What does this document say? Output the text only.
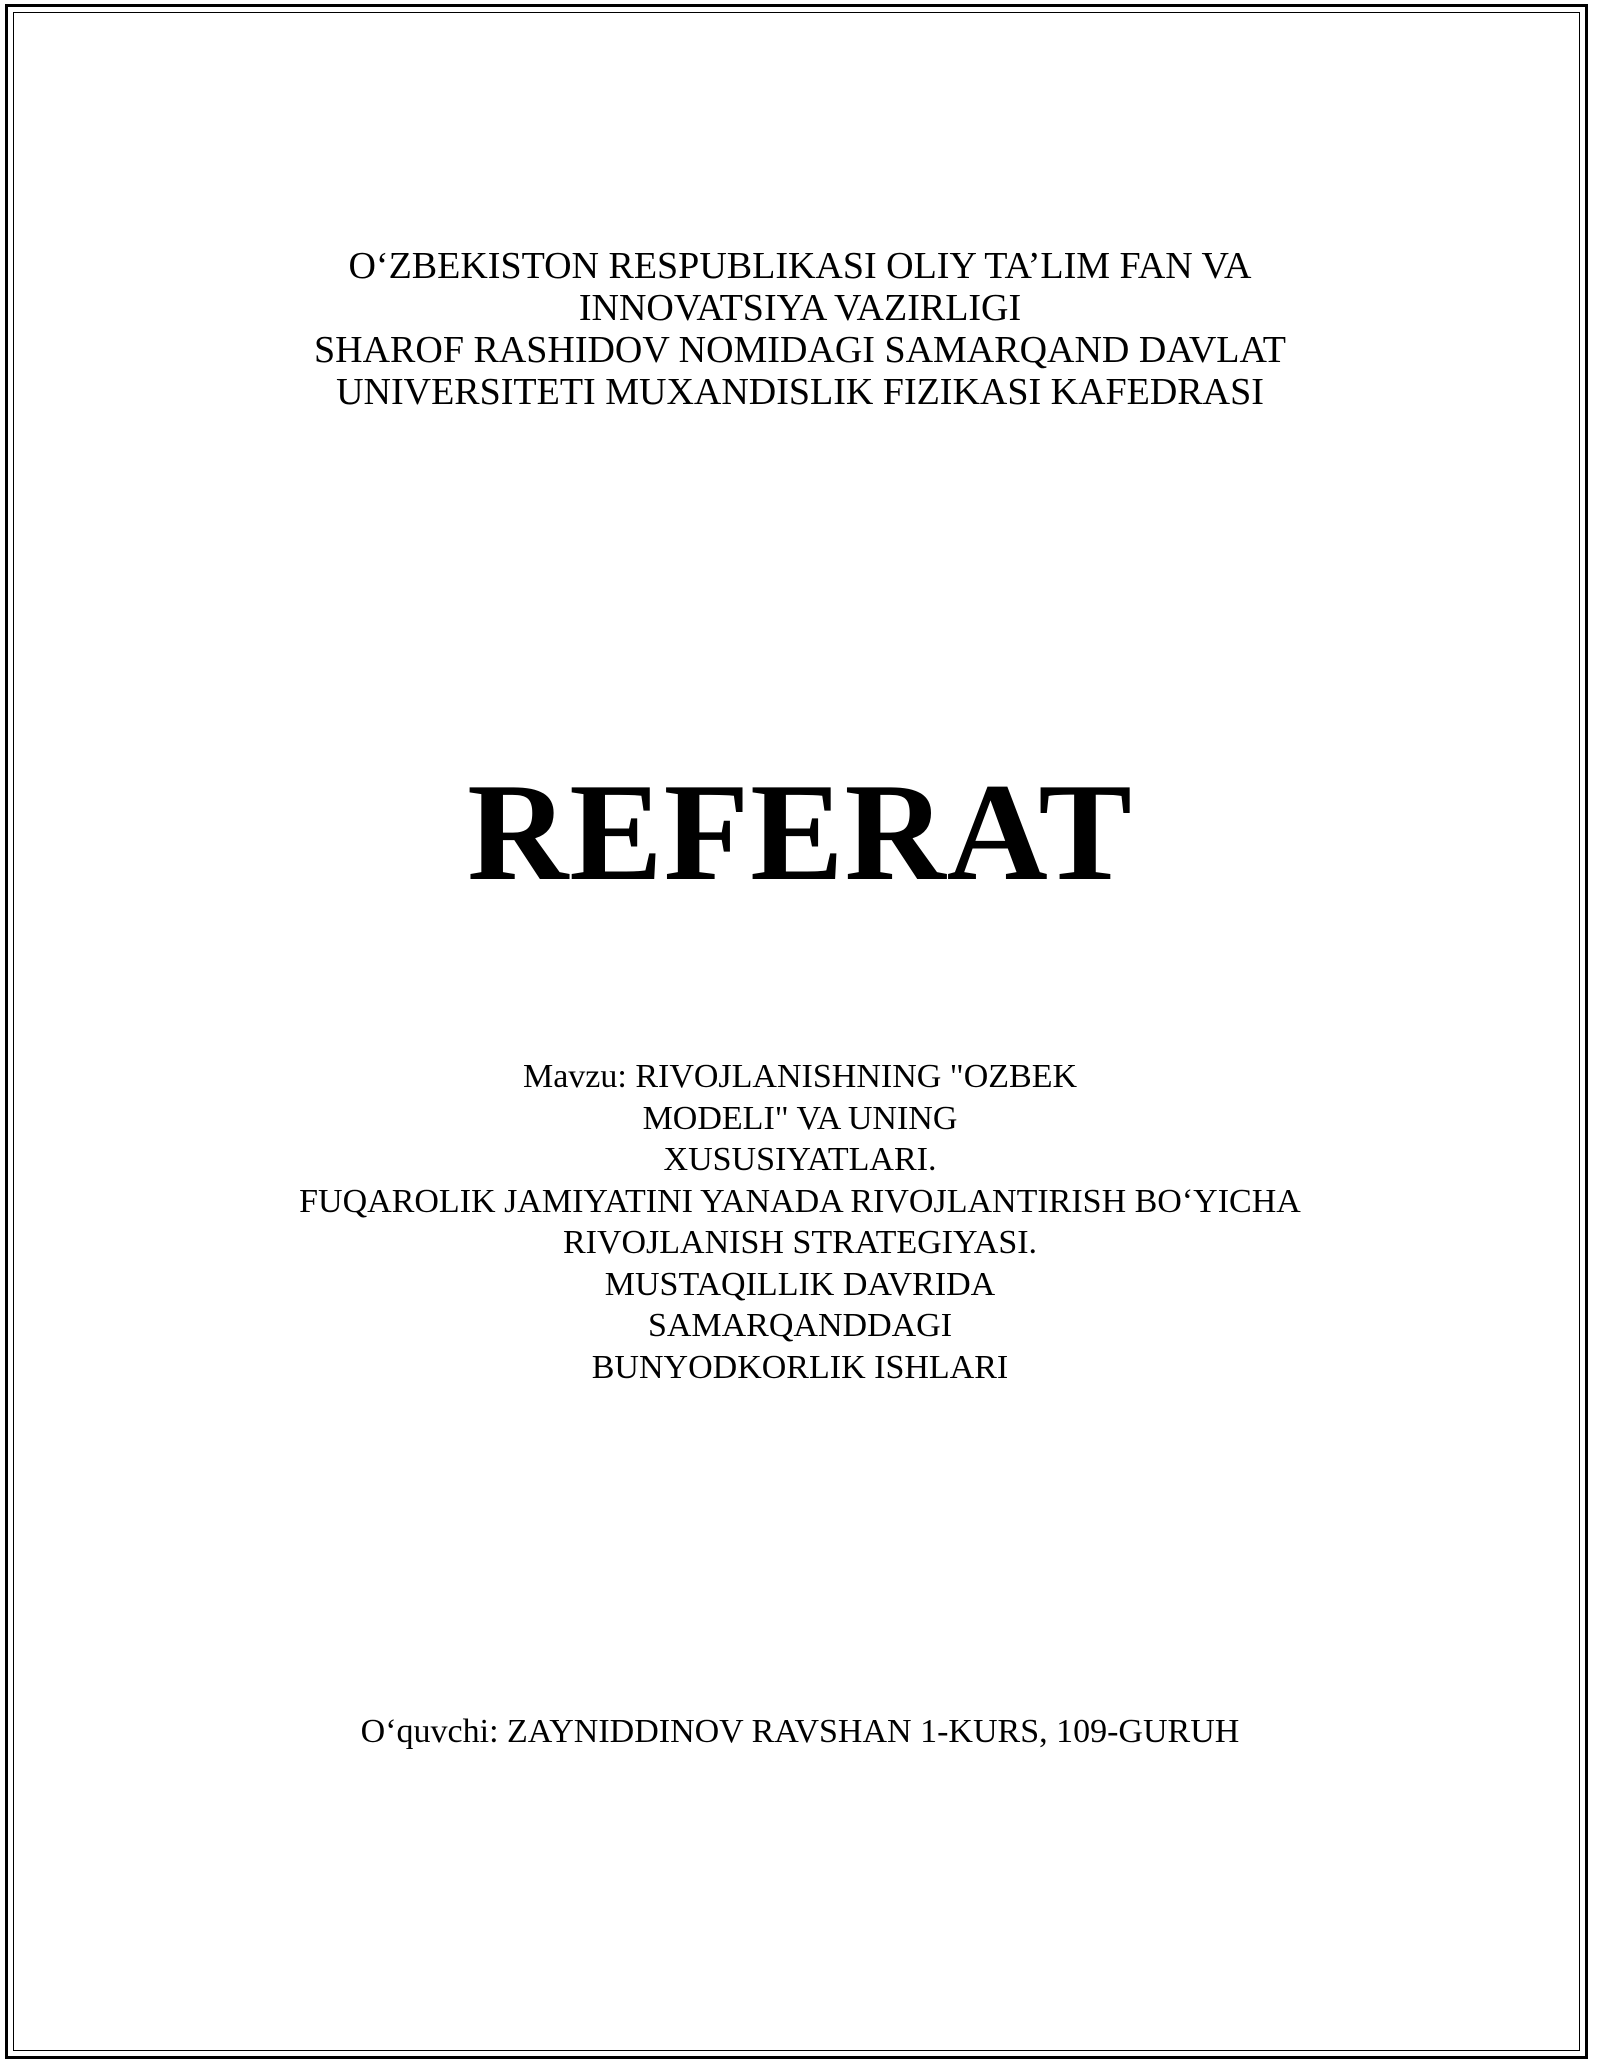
O‘ZBEKISTON RESPUBLIKASI OLIY TA’LIM FAN VA
INNOVATSIYA VAZIRLIGI
SHAROF RASHIDOV NOMIDAGI SAMARQAND DAVLAT
UNIVERSITETI MUXANDISLIK FIZIKASI KAFEDRASI
REFERAT
Mavzu: RIVOJLANISHNING "OZBEK
MODELI" VA UNING
XUSUSIYATLARI.
FUQAROLIK JAMIYATINI YANADA RIVOJLANTIRISH BO‘YICHA
RIVOJLANISH STRATEGIYASI.
MUSTAQILLIK DAVRIDA
SAMARQANDDAGI
BUNYODKORLIK ISHLARI
O‘quvchi: ZAYNIDDINOV RAVSHAN 1-KURS, 109-GURUH
